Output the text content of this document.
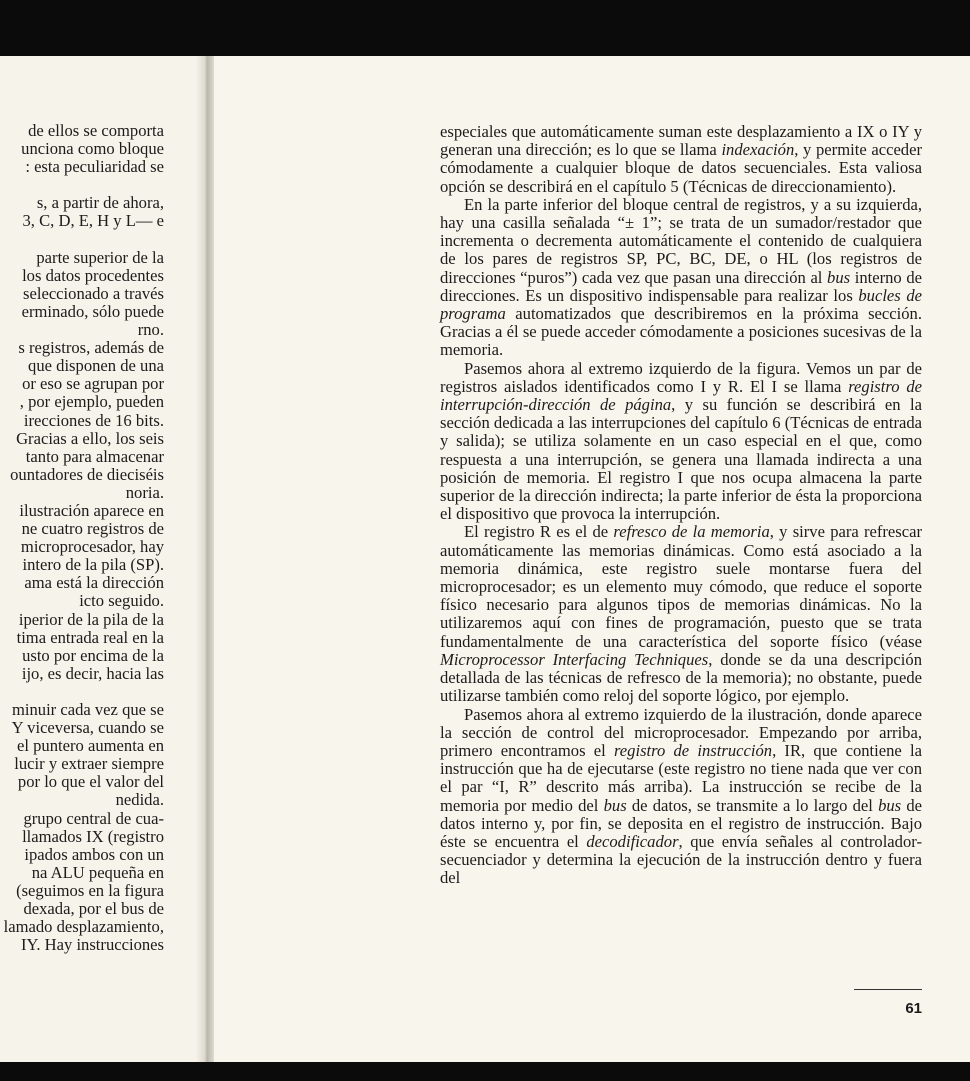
de ellos se comporta
unciona como bloque
: esta peculiaridad se

s, a partir de ahora,
3, C, D, E, H y L— e

parte superior de la
los datos procedentes
seleccionado a través
erminado, sólo puede
rno.
s registros, además de
que disponen de una
or eso se agrupan por
, por ejemplo, pueden
irecciones de 16 bits.
Gracias a ello, los seis
tanto para almacenar
ountadores de dieciséis
noria.
ilustración aparece en
ne cuatro registros de
microprocesador, hay
intero de la pila (SP).
ama está la dirección
icto seguido.
iperior de la pila de la
tima entrada real en la
usto por encima de la
ijo, es decir, hacia las

minuir cada vez que se
Y viceversa, cuando se
el puntero aumenta en
lucir y extraer siempre
por lo que el valor del
nedida.
grupo central de cua-
llamados IX (registro
ipados ambos con un
na ALU pequeña en
(seguimos en la figura
dexada, por el bus de
lamado desplazamiento,
IY. Hay instrucciones

especiales que automáticamente suman este desplazamiento a IX o IY y generan una dirección; es lo que se llama indexación, y permite acceder cómodamente a cualquier bloque de datos secuenciales. Esta valiosa opción se describirá en el capítulo 5 (Técnicas de direccionamiento).

En la parte inferior del bloque central de registros, y a su izquierda, hay una casilla señalada “± 1”; se trata de un sumador/restador que incrementa o decrementa automáticamente el contenido de cualquiera de los pares de registros SP, PC, BC, DE, o HL (los registros de direcciones “puros”) cada vez que pasan una dirección al bus interno de direcciones. Es un dispositivo indispensable para realizar los bucles de programa automatizados que describiremos en la próxima sección. Gracias a él se puede acceder cómodamente a posiciones sucesivas de la memoria.

Pasemos ahora al extremo izquierdo de la figura. Vemos un par de registros aislados identificados como I y R. El I se llama registro de interrupción-dirección de página, y su función se describirá en la sección dedicada a las interrupciones del capítulo 6 (Técnicas de entrada y salida); se utiliza solamente en un caso especial en el que, como respuesta a una interrupción, se genera una llamada indirecta a una posición de memoria. El registro I que nos ocupa almacena la parte superior de la dirección indirecta; la parte inferior de ésta la proporciona el dispositivo que provoca la interrupción.

El registro R es el de refresco de la memoria, y sirve para refrescar automáticamente las memorias dinámicas. Como está asociado a la memoria dinámica, este registro suele montarse fuera del microprocesador; es un elemento muy cómodo, que reduce el soporte físico necesario para algunos tipos de memorias dinámicas. No la utilizaremos aquí con fines de programación, puesto que se trata fundamentalmente de una característica del soporte físico (véase Microprocessor Interfacing Techniques, donde se da una descripción detallada de las técnicas de refresco de la memoria); no obstante, puede utilizarse también como reloj del soporte lógico, por ejemplo.

Pasemos ahora al extremo izquierdo de la ilustración, donde aparece la sección de control del microprocesador. Empezando por arriba, primero encontramos el registro de instrucción, IR, que contiene la instrucción que ha de ejecutarse (este registro no tiene nada que ver con el par “I, R” descrito más arriba). La instrucción se recibe de la memoria por medio del bus de datos, se transmite a lo largo del bus de datos interno y, por fin, se deposita en el registro de instrucción. Bajo éste se encuentra el decodificador, que envía señales al controlador-secuenciador y determina la ejecución de la instrucción dentro y fuera del

61
